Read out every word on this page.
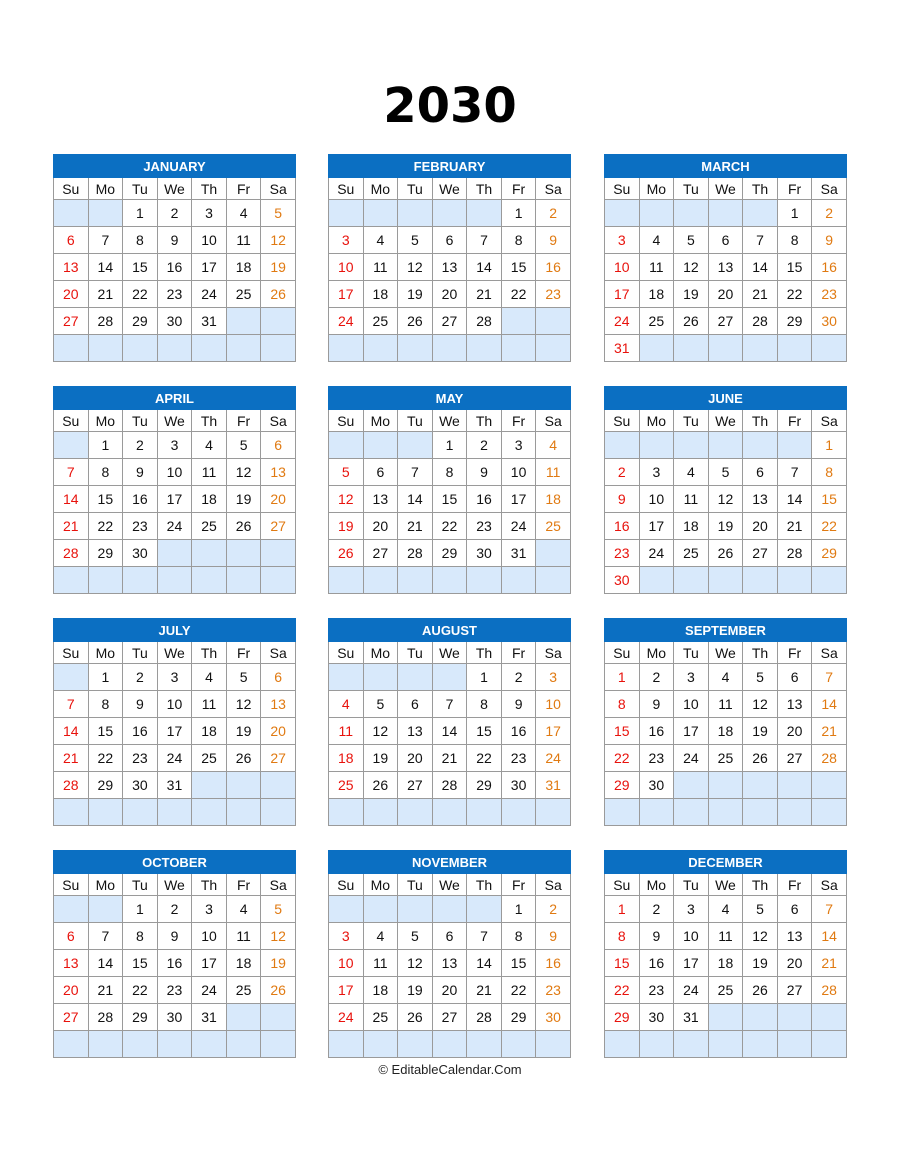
2030
JANUARY						
Su	Mo	Tu	We	Th	Fr	Sa
		1	2	3	4	5
6	7	8	9	10	11	12
13	14	15	16	17	18	19
20	21	22	23	24	25	26
27	28	29	30	31		

FEBRUARY						
Su	Mo	Tu	We	Th	Fr	Sa
					1	2
3	4	5	6	7	8	9
10	11	12	13	14	15	16
17	18	19	20	21	22	23
24	25	26	27	28		

MARCH						
Su	Mo	Tu	We	Th	Fr	Sa
					1	2
3	4	5	6	7	8	9
10	11	12	13	14	15	16
17	18	19	20	21	22	23
24	25	26	27	28	29	30
31						
APRIL						
Su	Mo	Tu	We	Th	Fr	Sa
	1	2	3	4	5	6
7	8	9	10	11	12	13
14	15	16	17	18	19	20
21	22	23	24	25	26	27
28	29	30				

MAY						
Su	Mo	Tu	We	Th	Fr	Sa
			1	2	3	4
5	6	7	8	9	10	11
12	13	14	15	16	17	18
19	20	21	22	23	24	25
26	27	28	29	30	31	

JUNE						
Su	Mo	Tu	We	Th	Fr	Sa
						1
2	3	4	5	6	7	8
9	10	11	12	13	14	15
16	17	18	19	20	21	22
23	24	25	26	27	28	29
30						
JULY						
Su	Mo	Tu	We	Th	Fr	Sa
	1	2	3	4	5	6
7	8	9	10	11	12	13
14	15	16	17	18	19	20
21	22	23	24	25	26	27
28	29	30	31			

AUGUST						
Su	Mo	Tu	We	Th	Fr	Sa
				1	2	3
4	5	6	7	8	9	10
11	12	13	14	15	16	17
18	19	20	21	22	23	24
25	26	27	28	29	30	31

SEPTEMBER						
Su	Mo	Tu	We	Th	Fr	Sa
1	2	3	4	5	6	7
8	9	10	11	12	13	14
15	16	17	18	19	20	21
22	23	24	25	26	27	28
29	30					

OCTOBER						
Su	Mo	Tu	We	Th	Fr	Sa
		1	2	3	4	5
6	7	8	9	10	11	12
13	14	15	16	17	18	19
20	21	22	23	24	25	26
27	28	29	30	31		

NOVEMBER						
Su	Mo	Tu	We	Th	Fr	Sa
					1	2
3	4	5	6	7	8	9
10	11	12	13	14	15	16
17	18	19	20	21	22	23
24	25	26	27	28	29	30

DECEMBER						
Su	Mo	Tu	We	Th	Fr	Sa
1	2	3	4	5	6	7
8	9	10	11	12	13	14
15	16	17	18	19	20	21
22	23	24	25	26	27	28
29	30	31				

© EditableCalendar.Com
